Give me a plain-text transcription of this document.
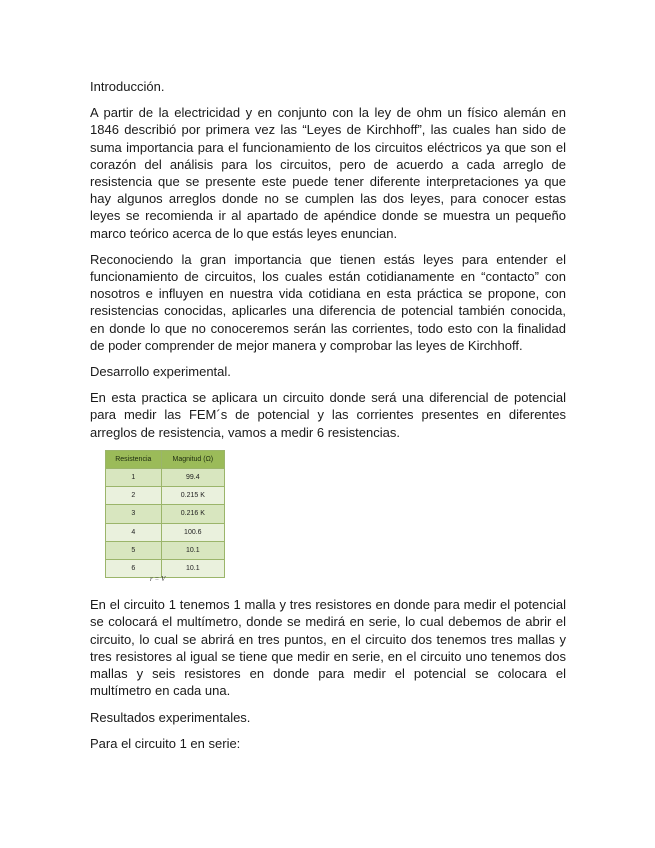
Introducción.

A partir de la electricidad y en conjunto con la ley de ohm un físico alemán en 1846 describió por primera vez las “Leyes de Kirchhoff”, las cuales han sido de suma importancia para el funcionamiento de los circuitos eléctricos ya que son el corazón del análisis para los circuitos, pero de acuerdo a cada arreglo de resistencia que se presente este puede tener diferente interpretaciones ya que hay algunos arreglos donde no se cumplen las dos leyes, para conocer estas leyes se recomienda ir al apartado de apéndice donde se muestra un pequeño marco teórico acerca de lo que estás leyes enuncian.

Reconociendo la gran importancia que tienen estás leyes para entender el funcionamiento de circuitos, los cuales están cotidianamente en “contacto” con nosotros e influyen en nuestra vida cotidiana en esta práctica se propone, con resistencias conocidas, aplicarles una diferencia de potencial también conocida, en donde lo que no conoceremos serán las corrientes, todo esto con la finalidad de poder comprender de mejor manera y comprobar las leyes de Kirchhoff.

Desarrollo experimental.

En esta practica se aplicara un circuito donde será una diferencial de potencial para medir las FEM´s de potencial y las corrientes presentes en diferentes arreglos de resistencia, vamos a medir 6 resistencias.

Resistencia	Magnitud (Ω)
1	99.4
2	0.215 K
3	0.216 K
4	100.6
5	10.1
6	10.1
r = V

En el circuito 1 tenemos 1 malla y tres resistores en donde para medir el potencial se colocará el multímetro, donde se medirá en serie, lo cual debemos de abrir el circuito, lo cual se abrirá en tres puntos, en el circuito dos tenemos tres mallas y tres resistores al igual se tiene que medir en serie, en el circuito uno tenemos dos mallas y seis resistores en donde para medir el potencial se colocara el multímetro en cada una.

Resultados experimentales.

Para el circuito 1 en serie:
